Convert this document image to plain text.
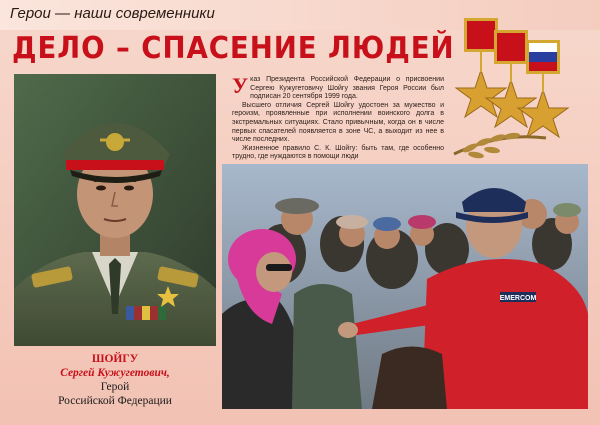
Герои — наши современники
ДЕЛО – СПАСЕНИЕ ЛЮДЕЙ
ШОЙГУ
Сергей Кужугетович,
Герой
Российской Федерации

Указ Президента Российской Федерации о присвоении Сергею Кужугетовичу Шойгу звания Героя России был подписан 20 сентября 1999 года.

Высшего отличия Сергей Шойгу удостоен за мужество и героизм, проявленные при исполнении воинского долга в экстремальных ситуациях. Стало привычным, когда он в числе первых спасателей появляется в зоне ЧС, а выходит из нее в числе последних.

Жизненное правило С. К. Шойгу: быть там, где особенно трудно, где нуждаются в помощи люди

EMERCOM
